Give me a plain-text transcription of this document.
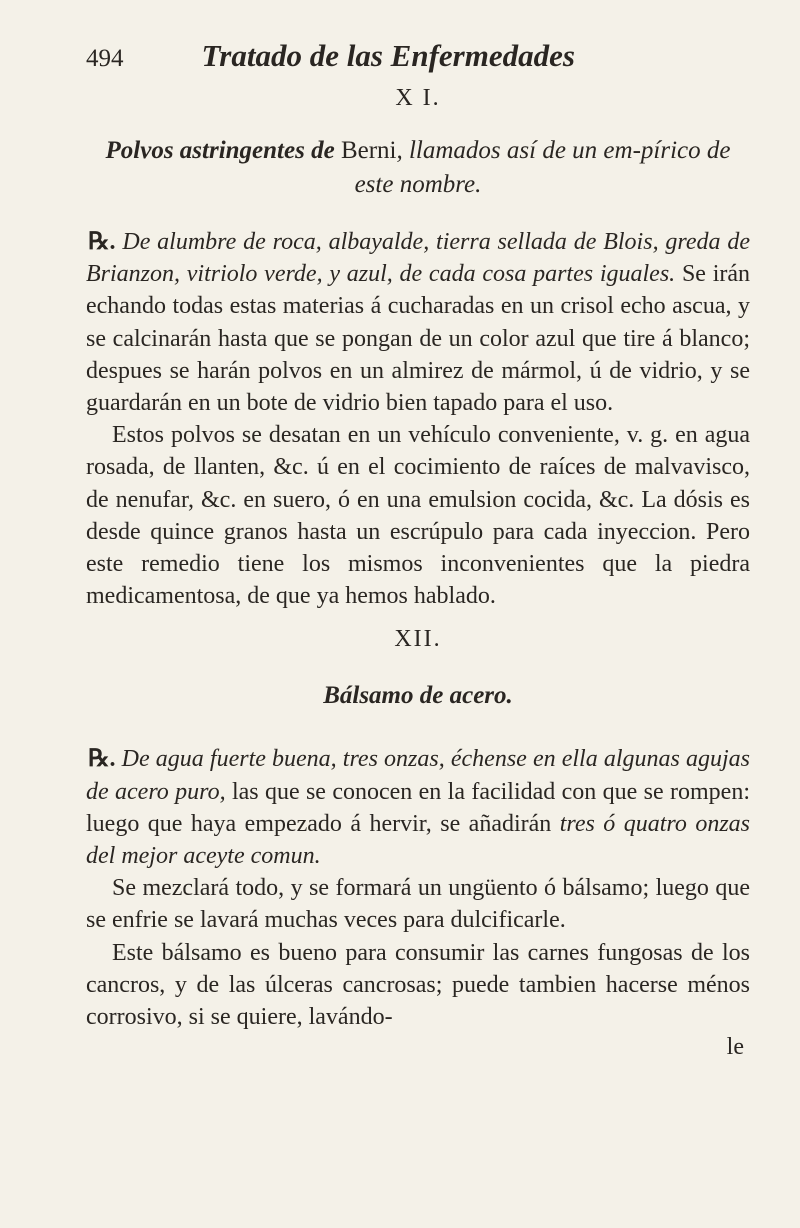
494	Tratado de las Enfermedades
X I.
Polvos astringentes de Berni, llamados así de un em-pírico de este nombre.

℞. De alumbre de roca, albayalde, tierra sellada de Blois, greda de Brianzon, vitriolo verde, y azul, de cada cosa partes iguales. Se irán echando todas estas materias á cucharadas en un crisol echo ascua, y se calcinarán hasta que se pongan de un color azul que tire á blanco; despues se harán polvos en un almirez de mármol, ú de vidrio, y se guardarán en un bote de vidrio bien tapado para el uso.

Estos polvos se desatan en un vehículo conveniente, v. g. en agua rosada, de llanten, &c. ú en el cocimiento de raíces de malvavisco, de nenufar, &c. en suero, ó en una emulsion cocida, &c. La dósis es desde quince granos hasta un escrúpulo para cada inyeccion. Pero este remedio tiene los mismos inconvenientes que la piedra medicamentosa, de que ya hemos hablado.

XII.
Bálsamo de acero.

℞. De agua fuerte buena, tres onzas, échense en ella algunas agujas de acero puro, las que se conocen en la facilidad con que se rompen: luego que haya empezado á hervir, se añadirán tres ó quatro onzas del mejor aceyte comun.

Se mezclará todo, y se formará un ungüento ó bálsamo; luego que se enfrie se lavará muchas veces para dulcificarle.

Este bálsamo es bueno para consumir las carnes fungosas de los cancros, y de las úlceras cancrosas; puede tambien hacerse ménos corrosivo, si se quiere, lavándo-

le
